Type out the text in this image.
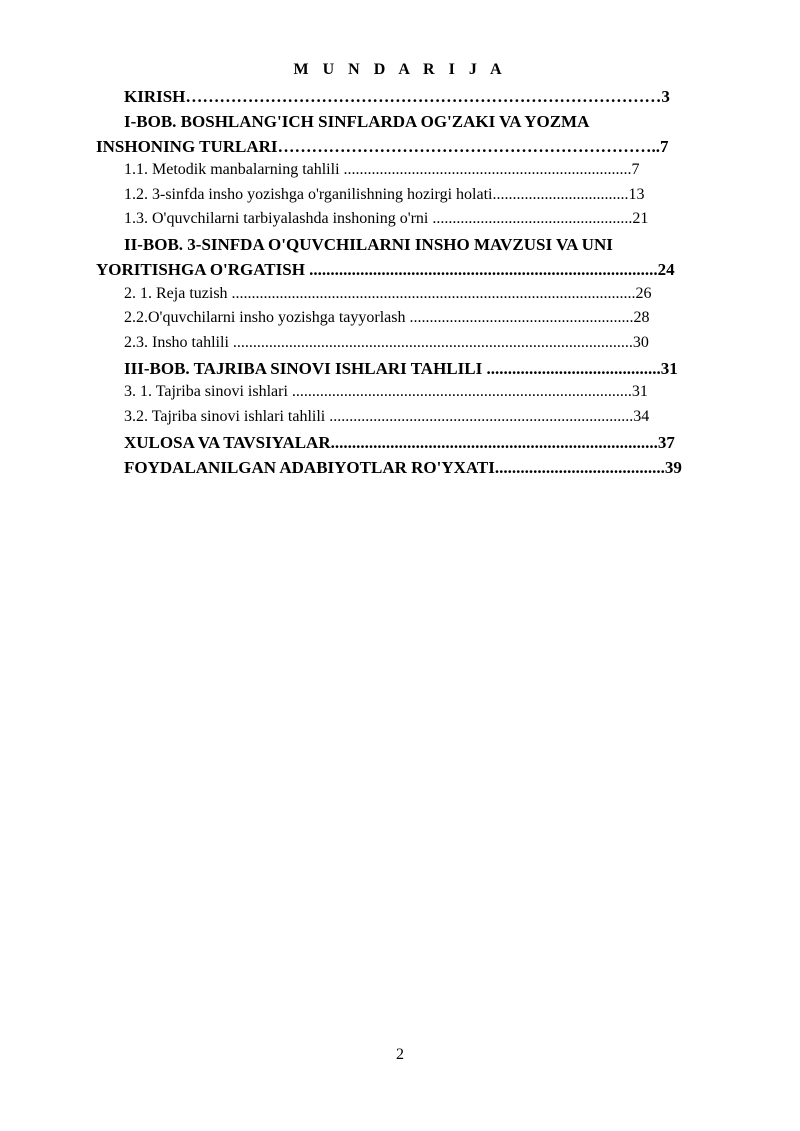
M U N D A R I J A
KIRISH…………………………………………………………………………3
I-BOB. BOSHLANG'ICH SINFLARDA OG'ZAKI VA YOZMA
INSHONING TURLARI…………………………………………………………..7
1.1. Metodik manbalarning tahlili ........................................................................7
1.2. 3-sinfda insho yozishga o'rganilishning hozirgi holati..................................13
1.3. O'quvchilarni tarbiyalashda inshoning o'rni ..................................................21
II-BOB. 3-SINFDA O'QUVCHILARNI INSHO MAVZUSI VA UNI
YORITISHGA O'RGATISH ..................................................................................24
2. 1. Reja tuzish .....................................................................................................26
2.2.O'quvchilarni insho yozishga tayyorlash ........................................................28
2.3. Insho tahlili ....................................................................................................30
III-BOB. TAJRIBA SINOVI ISHLARI TAHLILI .........................................31
3. 1. Tajriba sinovi ishlari .....................................................................................31
3.2. Tajriba sinovi ishlari tahlili ............................................................................34
XULOSA VA TAVSIYALAR.............................................................................37
FOYDALANILGAN ADABIYOTLAR RO'YXATI........................................39
2
